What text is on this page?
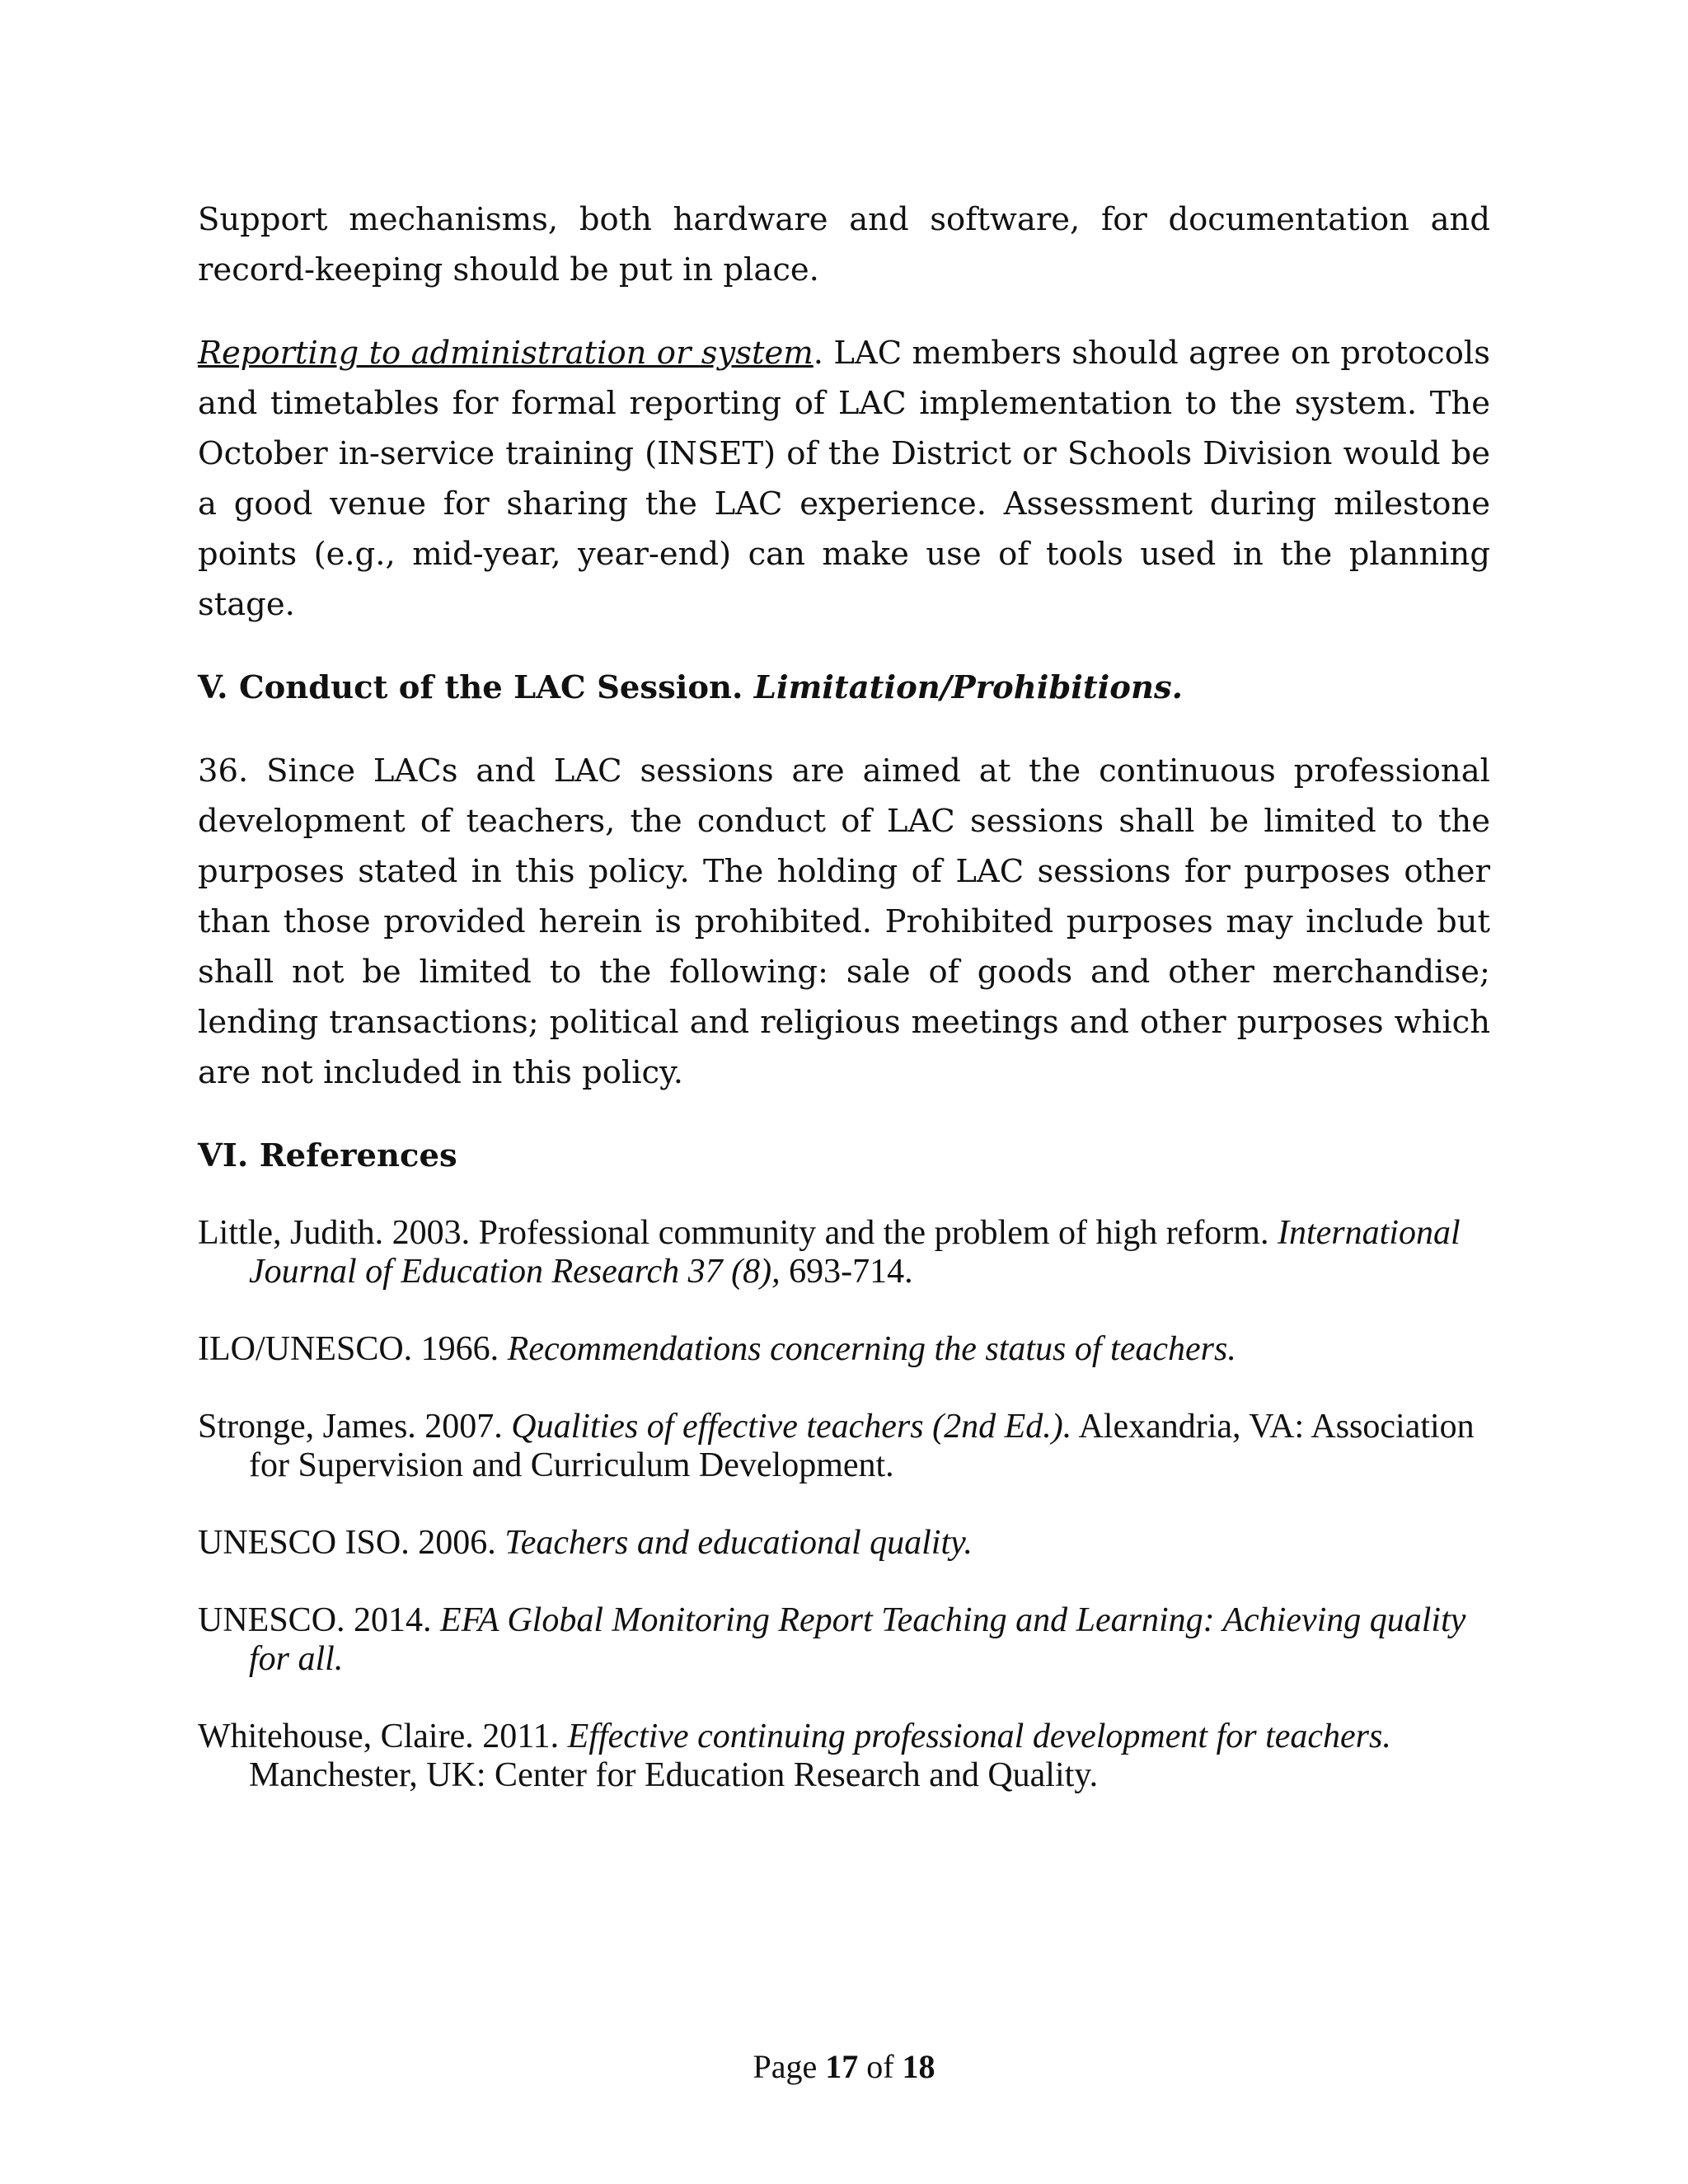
Support mechanisms, both hardware and software, for documentation and record-keeping should be put in place.

Reporting to administration or system. LAC members should agree on protocols and timetables for formal reporting of LAC implementation to the system. The October in-service training (INSET) of the District or Schools Division would be a good venue for sharing the LAC experience. Assessment during milestone points (e.g., mid-year, year-end) can make use of tools used in the planning stage.

V. Conduct of the LAC Session. Limitation/Prohibitions.

36. Since LACs and LAC sessions are aimed at the continuous professional development of teachers, the conduct of LAC sessions shall be limited to the purposes stated in this policy. The holding of LAC sessions for purposes other than those provided herein is prohibited. Prohibited purposes may include but shall not be limited to the following: sale of goods and other merchandise; lending transactions; political and religious meetings and other purposes which are not included in this policy.

VI. References
Little, Judith. 2003. Professional community and the problem of high reform. International Journal of Education Research 37 (8), 693-714.
ILO/UNESCO. 1966. Recommendations concerning the status of teachers.
Stronge, James. 2007. Qualities of effective teachers (2nd Ed.). Alexandria, VA: Association for Supervision and Curriculum Development.
UNESCO ISO. 2006. Teachers and educational quality.
UNESCO. 2014. EFA Global Monitoring Report Teaching and Learning: Achieving quality for all.
Whitehouse, Claire. 2011. Effective continuing professional development for teachers. Manchester, UK: Center for Education Research and Quality.
Page 17 of 18
